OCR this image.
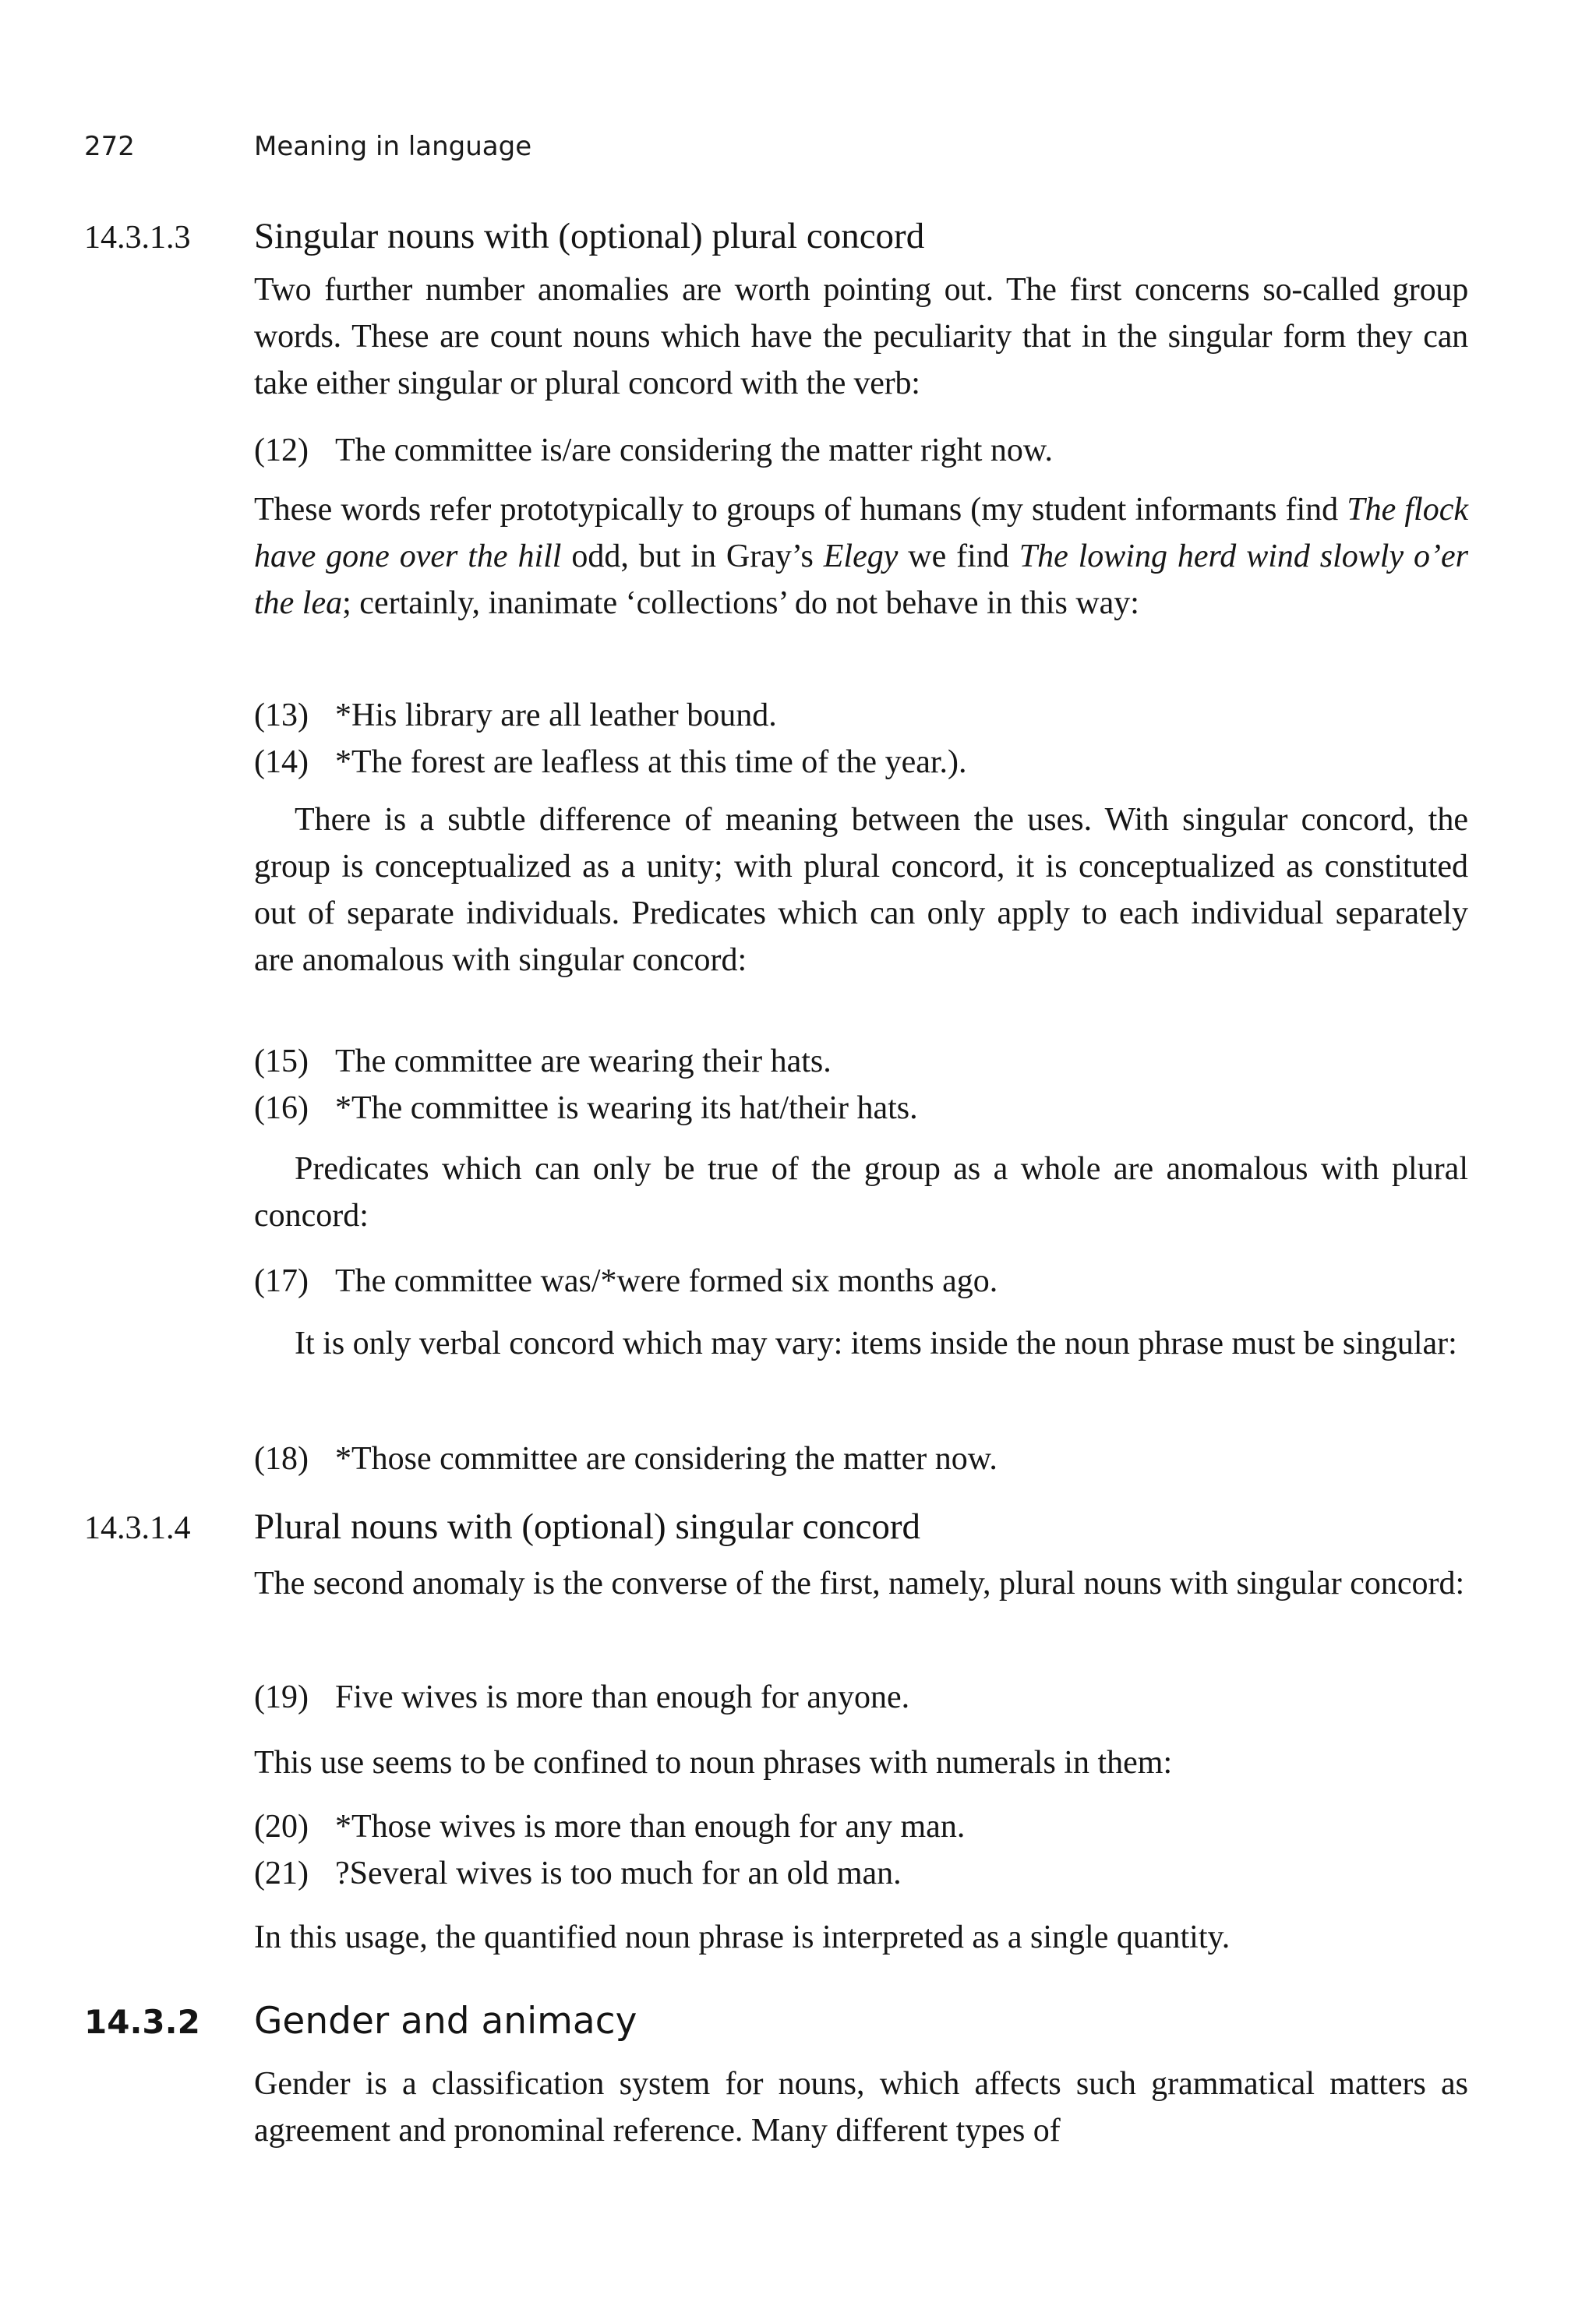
272	Meaning in language
14.3.1.3 Singular nouns with (optional) plural concord

Two further number anomalies are worth pointing out. The first concerns so-called group words. These are count nouns which have the peculiarity that in the singular form they can take either singular or plural concord with the verb:

(12) The committee is/are considering the matter right now.

These words refer prototypically to groups of humans (my student informants find The flock have gone over the hill odd, but in Gray’s Elegy we find The lowing herd wind slowly o’er the lea; certainly, inanimate ‘collections’ do not behave in this way:

(13) *His library are all leather bound.
(14) *The forest are leafless at this time of the year.).

There is a subtle difference of meaning between the uses. With singular concord, the group is conceptualized as a unity; with plural concord, it is conceptualized as constituted out of separate individuals. Predicates which can only apply to each individual separately are anomalous with singular concord:

(15) The committee are wearing their hats.
(16) *The committee is wearing its hat/their hats.

Predicates which can only be true of the group as a whole are anomalous with plural concord:

(17) The committee was/*were formed six months ago.

It is only verbal concord which may vary: items inside the noun phrase must be singular:

(18) *Those committee are considering the matter now.
14.3.1.4 Plural nouns with (optional) singular concord

The second anomaly is the converse of the first, namely, plural nouns with singular concord:

(19) Five wives is more than enough for anyone.

This use seems to be confined to noun phrases with numerals in them:

(20) *Those wives is more than enough for any man.
(21) ?Several wives is too much for an old man.

In this usage, the quantified noun phrase is interpreted as a single quantity.

14.3.2 Gender and animacy

Gender is a classification system for nouns, which affects such grammatical matters as agreement and pronominal reference. Many different types of
